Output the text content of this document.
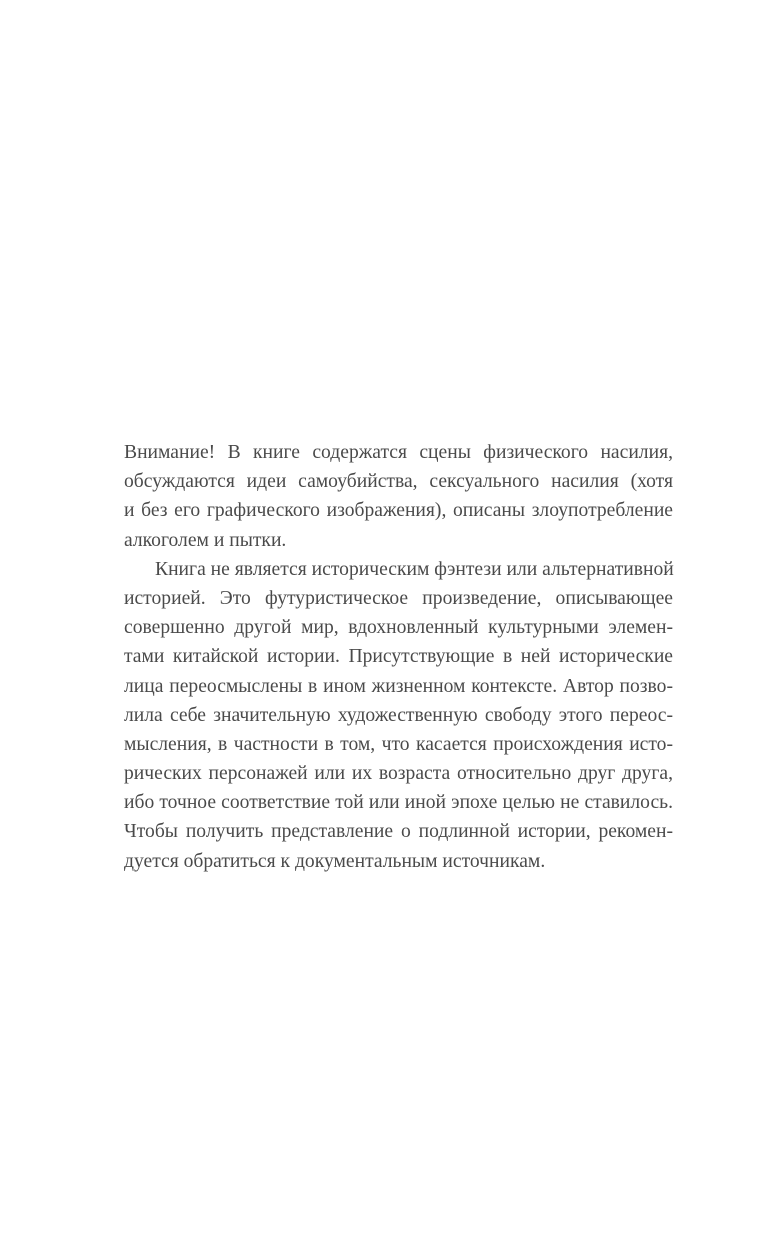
Внимание! В книге содержатся сцены физического насилия,
обсуждаются идеи самоубийства, сексуального насилия (хотя
и без его графического изображения), описаны злоупотребление
алкоголем и пытки.

Книга не является историческим фэнтези или альтернативной
историей. Это футуристическое произведение, описывающее
совершенно другой мир, вдохновленный культурными элемен-
тами китайской истории. Присутствующие в ней исторические
лица переосмыслены в ином жизненном контексте. Автор позво-
лила себе значительную художественную свободу этого переос-
мысления, в частности в том, что касается происхождения исто-
рических персонажей или их возраста относительно друг друга,
ибо точное соответствие той или иной эпохе целью не ставилось.
Чтобы получить представление о подлинной истории, рекомен-
дуется обратиться к документальным источникам.
